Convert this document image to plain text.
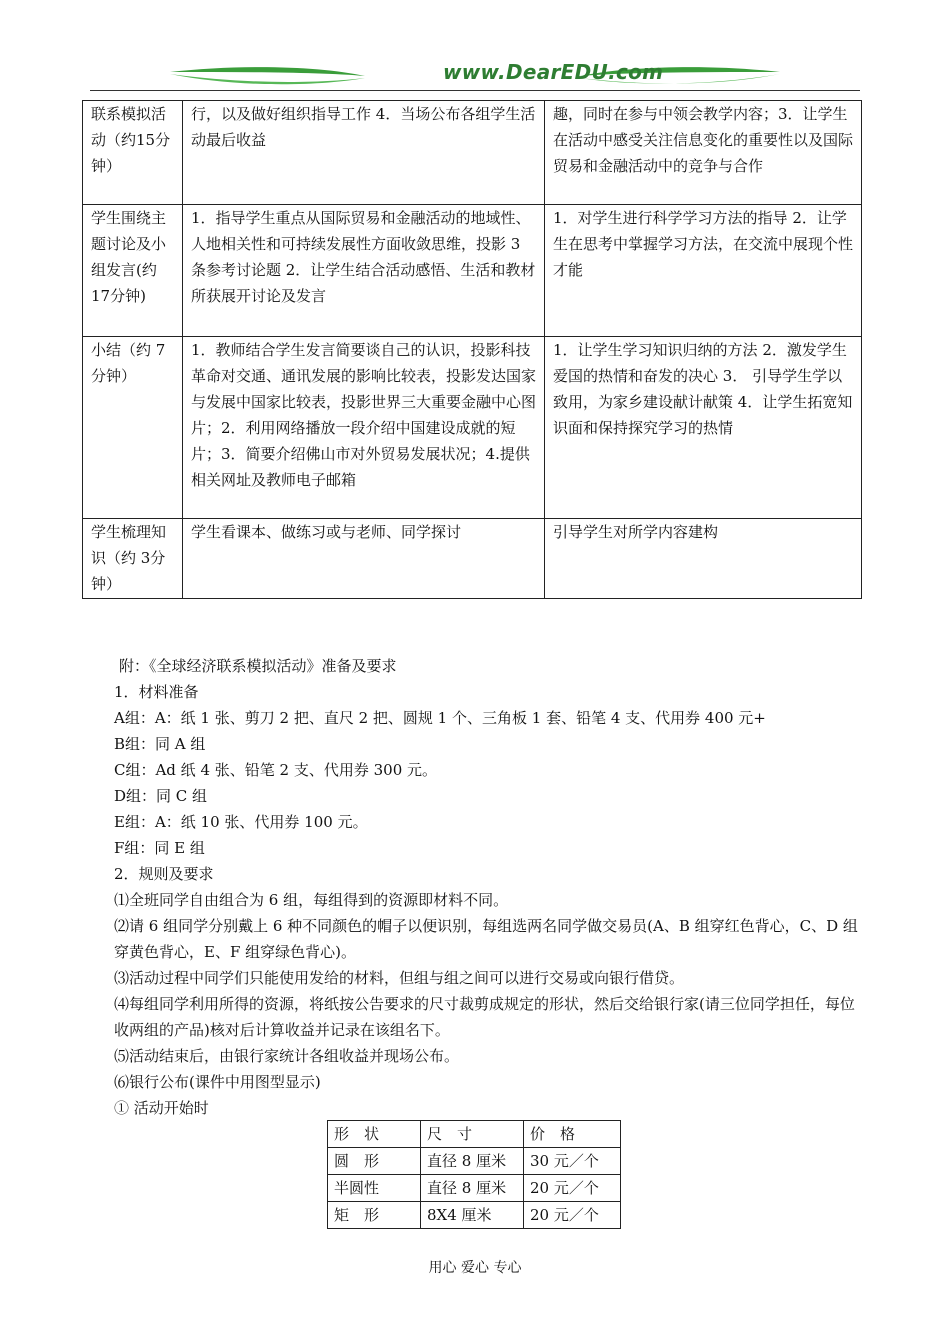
www.DearEDU.com
联系模拟活动（约15分钟）	行，以及做好组织指导工作 4．当场公布各组学生活动最后收益	趣，同时在参与中领会教学内容；3．让学生在活动中感受关注信息变化的重要性以及国际贸易和金融活动中的竞争与合作
学生围绕主题讨论及小组发言(约 17分钟)	1．指导学生重点从国际贸易和金融活动的地域性、人地相关性和可持续发展性方面收敛思维，投影 3 条参考讨论题 2．让学生结合活动感悟、生活和教材所获展开讨论及发言	1．对学生进行科学学习方法的指导 2．让学生在思考中掌握学习方法，在交流中展现个性才能
小结（约 7分钟）	1．教师结合学生发言简要谈自己的认识，投影科技革命对交通、通讯发展的影响比较表，投影发达国家与发展中国家比较表，投影世界三大重要金融中心图片；2．利用网络播放一段介绍中国建设成就的短片；3．简要介绍佛山市对外贸易发展状况；4.提供相关网址及教师电子邮箱	1．让学生学习知识归纳的方法 2．激发学生爱国的热情和奋发的决心 3． 引导学生学以致用，为家乡建设献计献策 4．让学生拓宽知识面和保持探究学习的热情
学生梳理知识（约 3分钟）	学生看课本、做练习或与老师、同学探讨	引导学生对所学内容建构

附：《全球经济联系模拟活动》准备及要求

1．材料准备

A组：A：纸 1 张、剪刀 2 把、直尺 2 把、圆规 1 个、三角板 1 套、铅笔 4 支、代用券 400 元+

B组：同 A 组

C组：Ad 纸 4 张、铅笔 2 支、代用券 300 元。

D组：同 C 组

E组：A：纸 10 张、代用券 100 元。

F组：同 E 组

2．规则及要求

⑴全班同学自由组合为 6 组，每组得到的资源即材料不同。

⑵请 6 组同学分别戴上 6 种不同颜色的帽子以便识别，每组选两名同学做交易员(A、B 组穿红色背心，C、D 组穿黄色背心，E、F 组穿绿色背心)。

⑶活动过程中同学们只能使用发给的材料，但组与组之间可以进行交易或向银行借贷。

⑷每组同学利用所得的资源，将纸按公告要求的尺寸裁剪成规定的形状，然后交给银行家(请三位同学担任，每位收两组的产品)核对后计算收益并记录在该组名下。

⑸活动结束后，由银行家统计各组收益并现场公布。

⑹银行公布(课件中用图型显示)

① 活动开始时

形　状	尺　寸	价　格
圆　形	直径 8 厘米	30 元／个
半圆性	直径 8 厘米	20 元／个
矩　形	8X4 厘米	20 元／个
用心 爱心 专心
